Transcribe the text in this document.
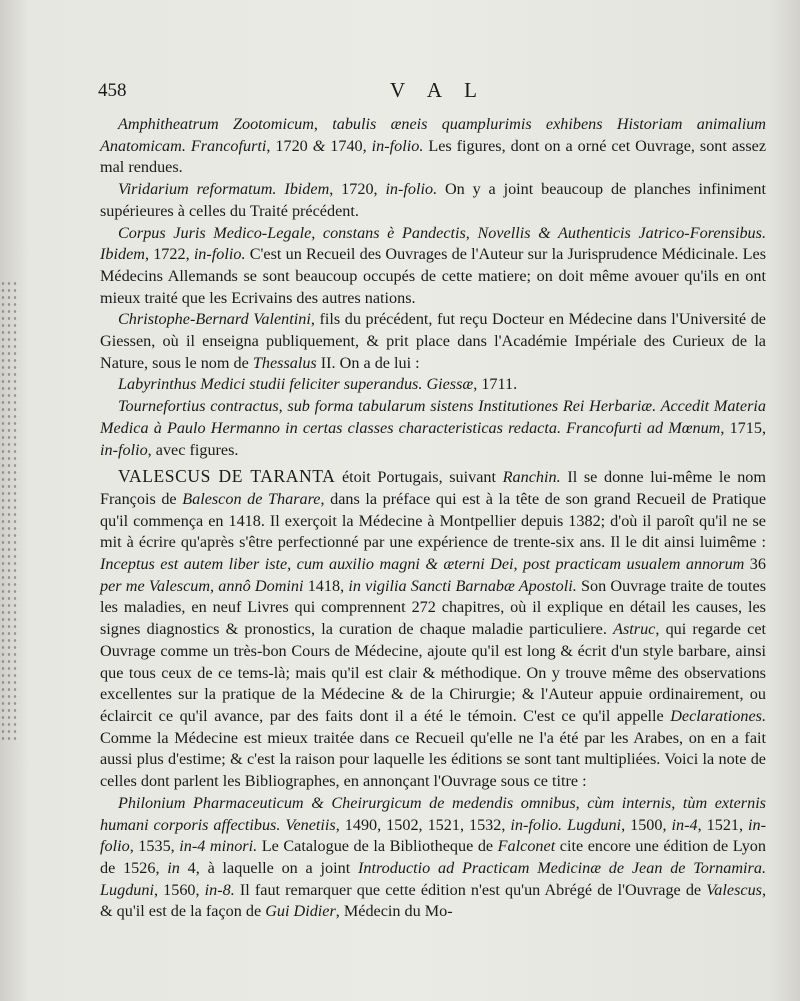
458	V A L

Amphitheatrum Zootomicum, tabulis æneis quamplurimis exhibens Historiam animalium Anatomicam. Francofurti, 1720 & 1740, in-folio. Les figures, dont on a orné cet Ouvrage, sont assez mal rendues.

Viridarium reformatum. Ibidem, 1720, in-folio. On y a joint beaucoup de planches infiniment supérieures à celles du Traité précédent.

Corpus Juris Medico-Legale, constans è Pandectis, Novellis & Authenticis Jatrico-Forensibus. Ibidem, 1722, in-folio. C'est un Recueil des Ouvrages de l'Auteur sur la Jurisprudence Médicinale. Les Médecins Allemands se sont beaucoup occupés de cette matiere; on doit même avouer qu'ils en ont mieux traité que les Ecrivains des autres nations.

Christophe-Bernard Valentini, fils du précédent, fut reçu Docteur en Médecine dans l'Université de Giessen, où il enseigna publiquement, & prit place dans l'Académie Impériale des Curieux de la Nature, sous le nom de Thessalus II. On a de lui :

Labyrinthus Medici studii feliciter superandus. Giessæ, 1711.

Tournefortius contractus, sub forma tabularum sistens Institutiones Rei Herbariæ. Accedit Materia Medica à Paulo Hermanno in certas classes characteristicas redacta. Francofurti ad Mœnum, 1715, in-folio, avec figures.

VALESCUS DE TARANTA étoit Portugais, suivant Ranchin. Il se donne lui-même le nom François de Balescon de Tharare, dans la préface qui est à la tête de son grand Recueil de Pratique qu'il commença en 1418. Il exerçoit la Médecine à Montpellier depuis 1382; d'où il paroît qu'il ne se mit à écrire qu'après s'être perfectionné par une expérience de trente-six ans. Il le dit ainsi luimême : Inceptus est autem liber iste, cum auxilio magni & æterni Dei, post practicam usualem annorum 36 per me Valescum, annô Domini 1418, in vigilia Sancti Barnabæ Apostoli. Son Ouvrage traite de toutes les maladies, en neuf Livres qui comprennent 272 chapitres, où il explique en détail les causes, les signes diagnostics & pronostics, la curation de chaque maladie particuliere. Astruc, qui regarde cet Ouvrage comme un très-bon Cours de Médecine, ajoute qu'il est long & écrit d'un style barbare, ainsi que tous ceux de ce tems-là; mais qu'il est clair & méthodique. On y trouve même des observations excellentes sur la pratique de la Médecine & de la Chirurgie; & l'Auteur appuie ordinairement, ou éclaircit ce qu'il avance, par des faits dont il a été le témoin. C'est ce qu'il appelle Declarationes. Comme la Médecine est mieux traitée dans ce Recueil qu'elle ne l'a été par les Arabes, on en a fait aussi plus d'estime; & c'est la raison pour laquelle les éditions se sont tant multipliées. Voici la note de celles dont parlent les Bibliographes, en annonçant l'Ouvrage sous ce titre :

Philonium Pharmaceuticum & Cheirurgicum de medendis omnibus, cùm internis, tùm externis humani corporis affectibus. Venetiis, 1490, 1502, 1521, 1532, in-folio. Lugduni, 1500, in-4, 1521, in-folio, 1535, in-4 minori. Le Catalogue de la Bibliotheque de Falconet cite encore une édition de Lyon de 1526, in 4, à laquelle on a joint Introductio ad Practicam Medicinæ de Jean de Tornamira. Lugduni, 1560, in-8. Il faut remarquer que cette édition n'est qu'un Abrégé de l'Ouvrage de Valescus, & qu'il est de la façon de Gui Didier, Médecin du Mo-
